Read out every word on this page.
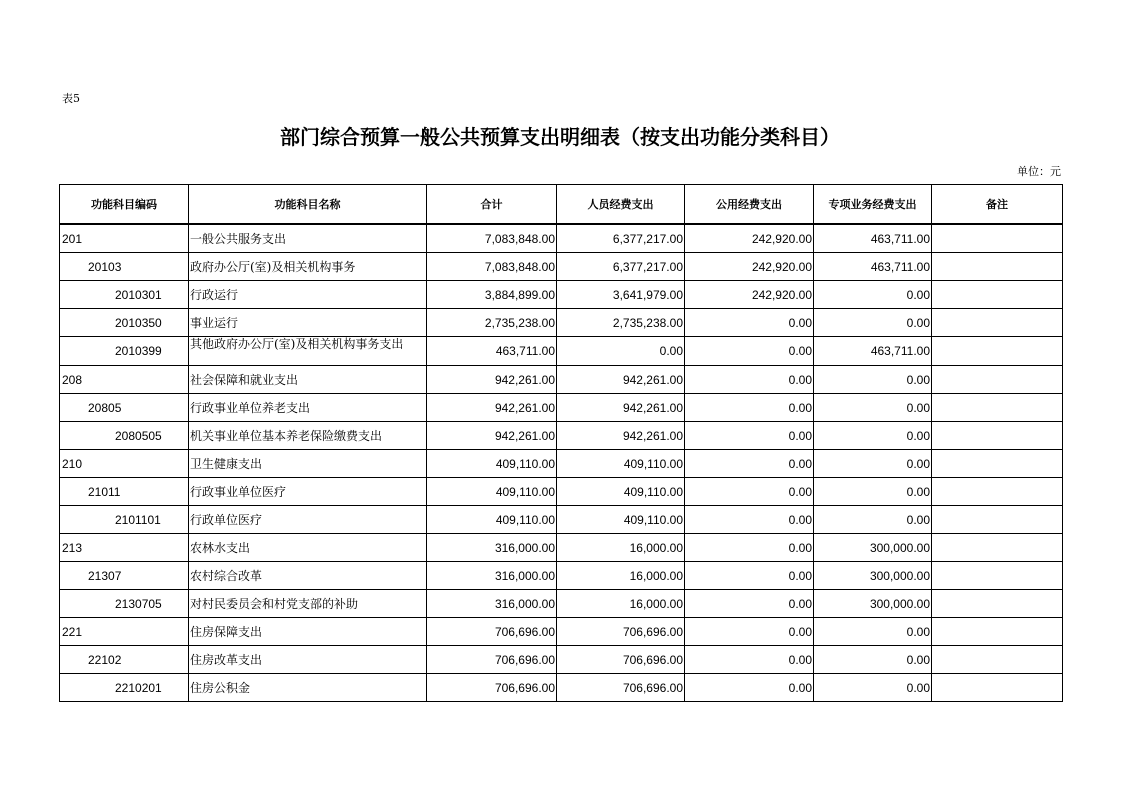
表5
部门综合预算一般公共预算支出明细表（按支出功能分类科目）
单位：元
功能科目编码	功能科目名称	合计	人员经费支出	公用经费支出	专项业务经费支出	备注
201	一般公共服务支出	7,083,848.00	6,377,217.00	242,920.00	463,711.00	
20103	政府办公厅(室)及相关机构事务	7,083,848.00	6,377,217.00	242,920.00	463,711.00	
2010301	行政运行	3,884,899.00	3,641,979.00	242,920.00	0.00	
2010350	事业运行	2,735,238.00	2,735,238.00	0.00	0.00	
2010399	其他政府办公厅(室)及相关机构事务支出	463,711.00	0.00	0.00	463,711.00	
208	社会保障和就业支出	942,261.00	942,261.00	0.00	0.00	
20805	行政事业单位养老支出	942,261.00	942,261.00	0.00	0.00	
2080505	机关事业单位基本养老保险缴费支出	942,261.00	942,261.00	0.00	0.00	
210	卫生健康支出	409,110.00	409,110.00	0.00	0.00	
21011	行政事业单位医疗	409,110.00	409,110.00	0.00	0.00	
2101101	行政单位医疗	409,110.00	409,110.00	0.00	0.00	
213	农林水支出	316,000.00	16,000.00	0.00	300,000.00	
21307	农村综合改革	316,000.00	16,000.00	0.00	300,000.00	
2130705	对村民委员会和村党支部的补助	316,000.00	16,000.00	0.00	300,000.00	
221	住房保障支出	706,696.00	706,696.00	0.00	0.00	
22102	住房改革支出	706,696.00	706,696.00	0.00	0.00	
2210201	住房公积金	706,696.00	706,696.00	0.00	0.00	
